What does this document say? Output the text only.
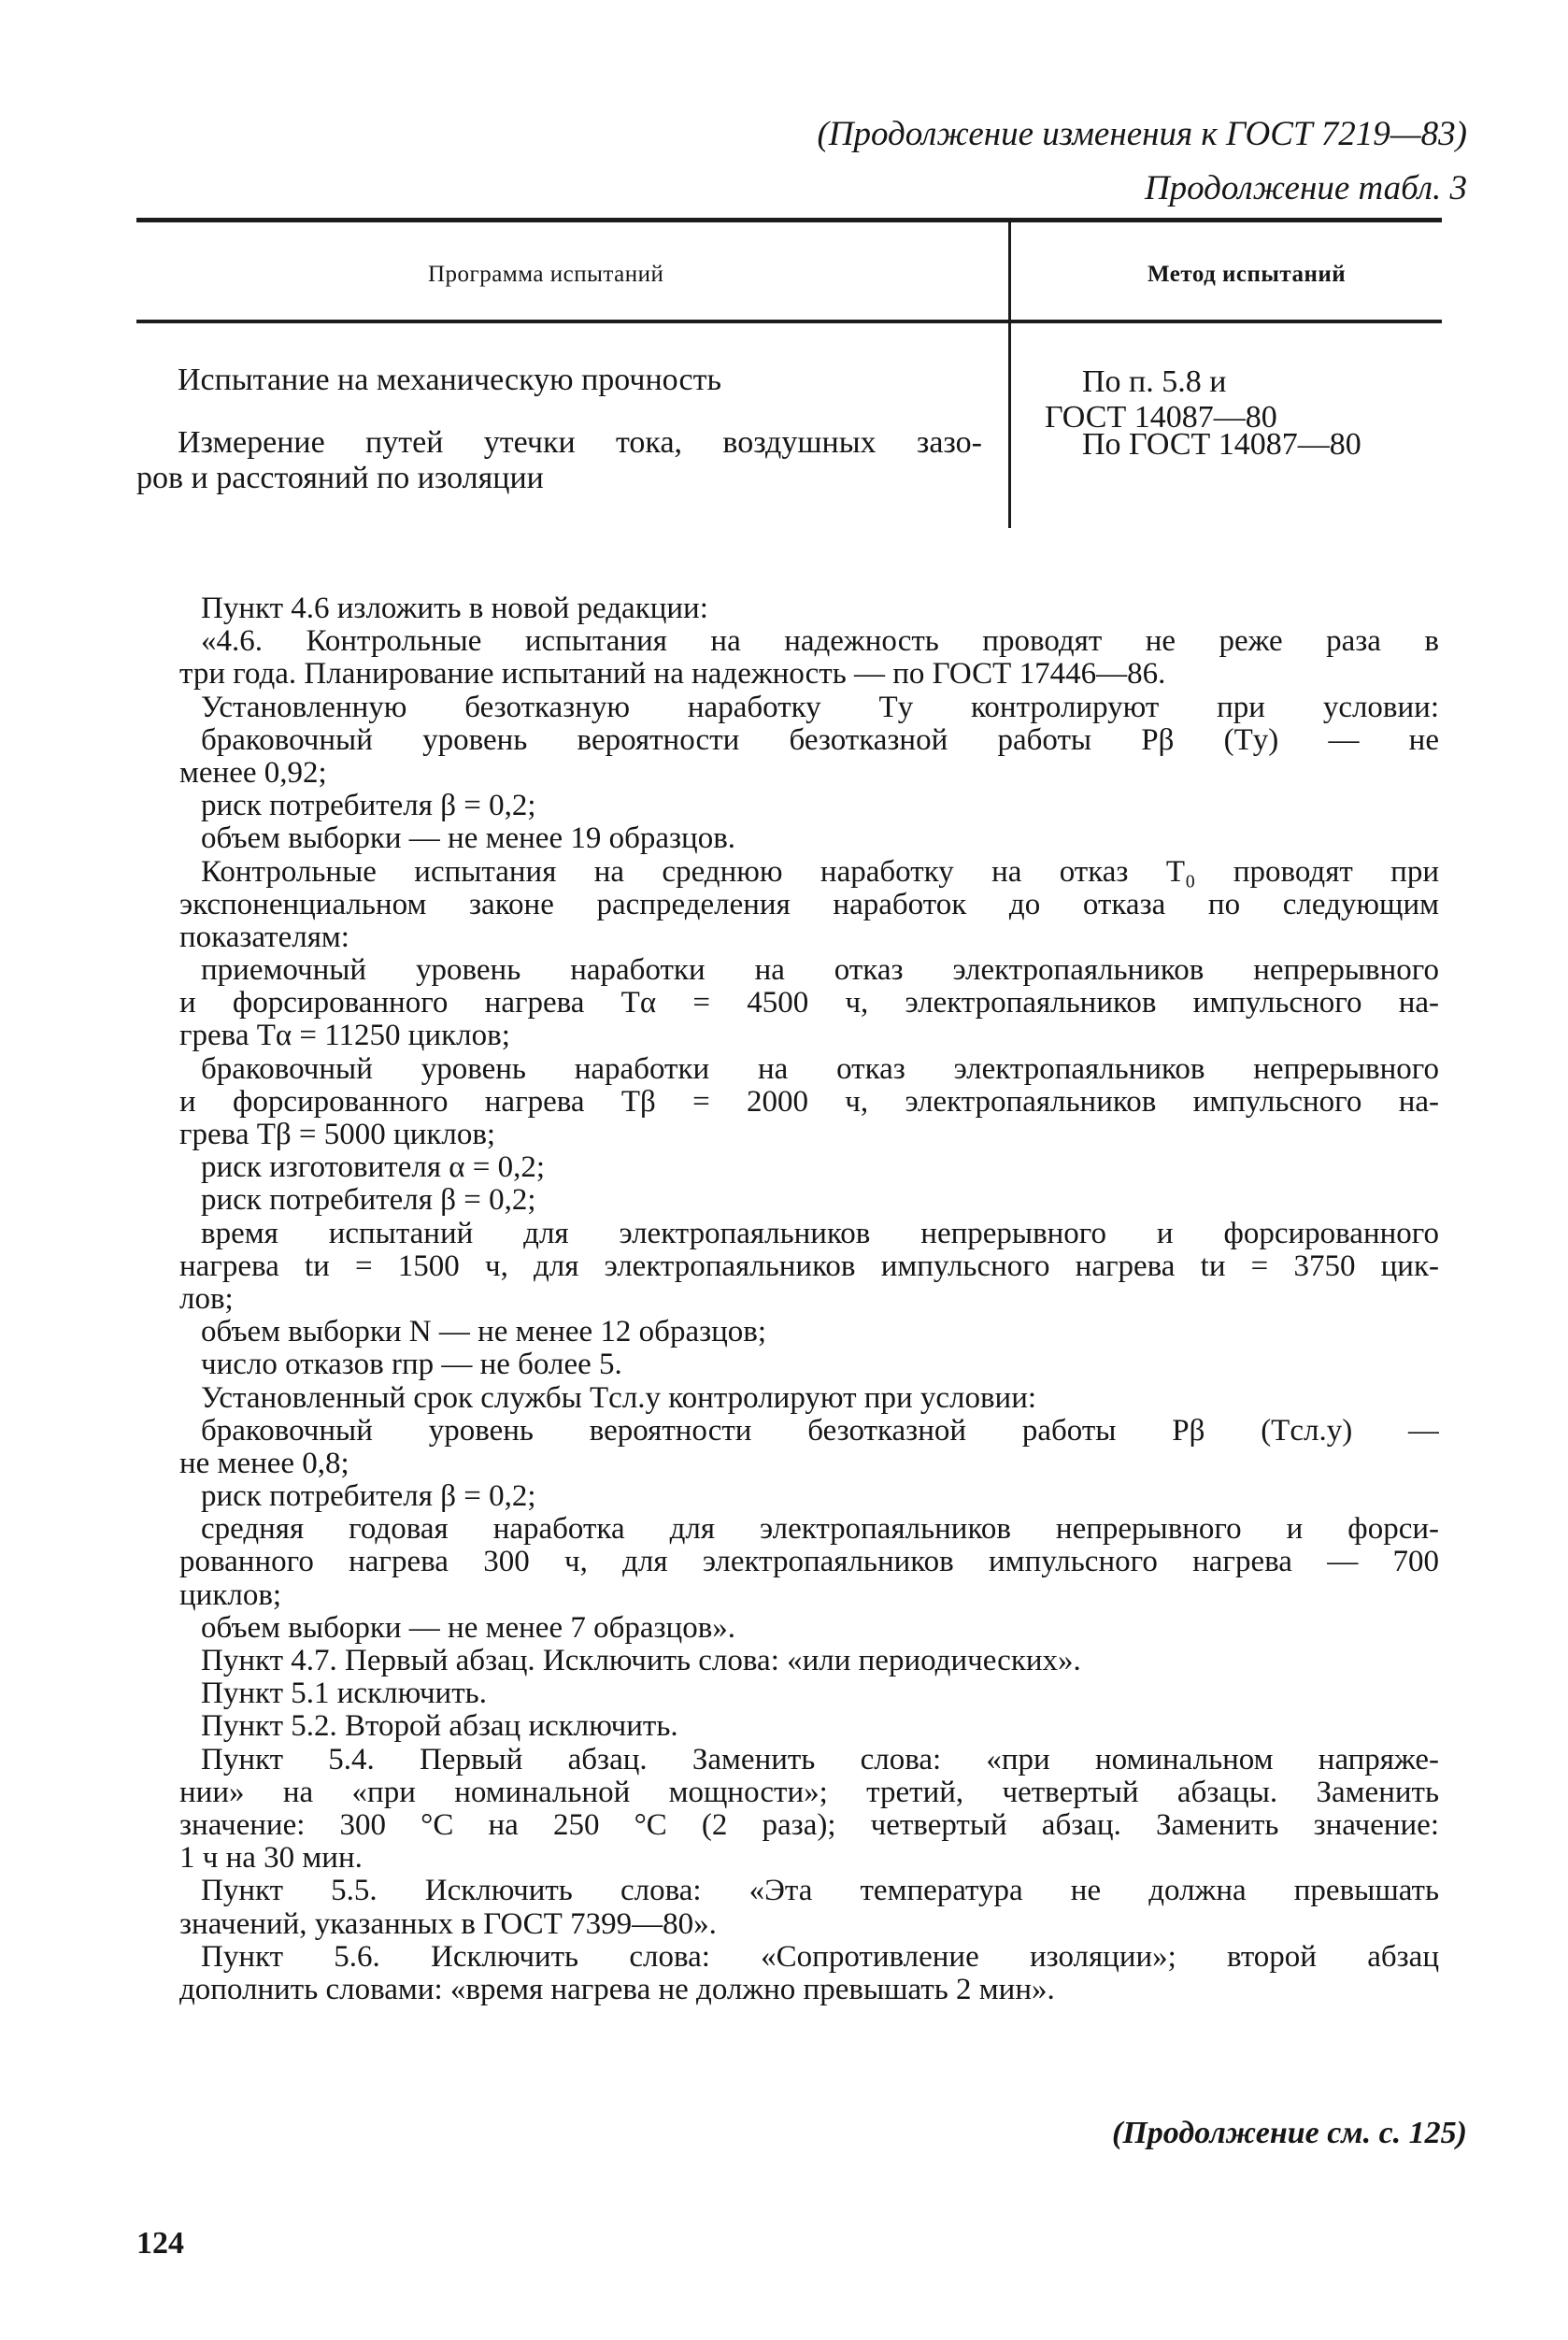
(Продолжение изменения к ГОСТ 7219—83)
Продолжение табл. 3
Программа испытаний	Метод испытаний
Испытание на механическую прочность	По п. 5.8 и
ГОСТ 14087—80
Измерение путей утечки тока, воздушных зазо-
ров и расстояний по изоляции
По ГОСТ 14087—80
Пункт 4.6 изложить в новой редакции:
«4.6. Контрольные испытания на надежность проводят не реже раза в
три года. Планирование испытаний на надежность — по ГОСТ 17446—86.
Установленную безотказную наработку Tу контролируют при условии:
браковочный уровень вероятности безотказной работы Pβ (Tу) — не
менее 0,92;
риск потребителя β = 0,2;
объем выборки — не менее 19 образцов.
Контрольные испытания на среднюю наработку на отказ T₀ проводят при
экспоненциальном законе распределения наработок до отказа по следующим
показателям:
приемочный уровень наработки на отказ электропаяльников непрерывного
и форсированного нагрева Tα = 4500 ч, электропаяльников импульсного на-
грева Tα = 11250 циклов;
браковочный уровень наработки на отказ электропаяльников непрерывного
и форсированного нагрева Tβ = 2000 ч, электропаяльников импульсного на-
грева Tβ = 5000 циклов;
риск изготовителя α = 0,2;
риск потребителя β = 0,2;
время испытаний для электропаяльников непрерывного и форсированного
нагрева tи = 1500 ч, для электропаяльников импульсного нагрева tи = 3750 цик-
лов;
объем выборки N — не менее 12 образцов;
число отказов rпр — не более 5.
Установленный срок службы Tсл.у контролируют при условии:
браковочный уровень вероятности безотказной работы Pβ (Tсл.у) —
не менее 0,8;
риск потребителя β = 0,2;
средняя годовая наработка для электропаяльников непрерывного и форси-
рованного нагрева 300 ч, для электропаяльников импульсного нагрева — 700
циклов;
объем выборки — не менее 7 образцов».
Пункт 4.7. Первый абзац. Исключить слова: «или периодических».
Пункт 5.1 исключить.
Пункт 5.2. Второй абзац исключить.
Пункт 5.4. Первый абзац. Заменить слова: «при номинальном напряже-
нии» на «при номинальной мощности»; третий, четвертый абзацы. Заменить
значение: 300 °С на 250 °С (2 раза); четвертый абзац. Заменить значение:
1 ч на 30 мин.
Пункт 5.5. Исключить слова: «Эта температура не должна превышать
значений, указанных в ГОСТ 7399—80».
Пункт 5.6. Исключить слова: «Сопротивление изоляции»; второй абзац
дополнить словами: «время нагрева не должно превышать 2 мин».
(Продолжение см. с. 125)
124
